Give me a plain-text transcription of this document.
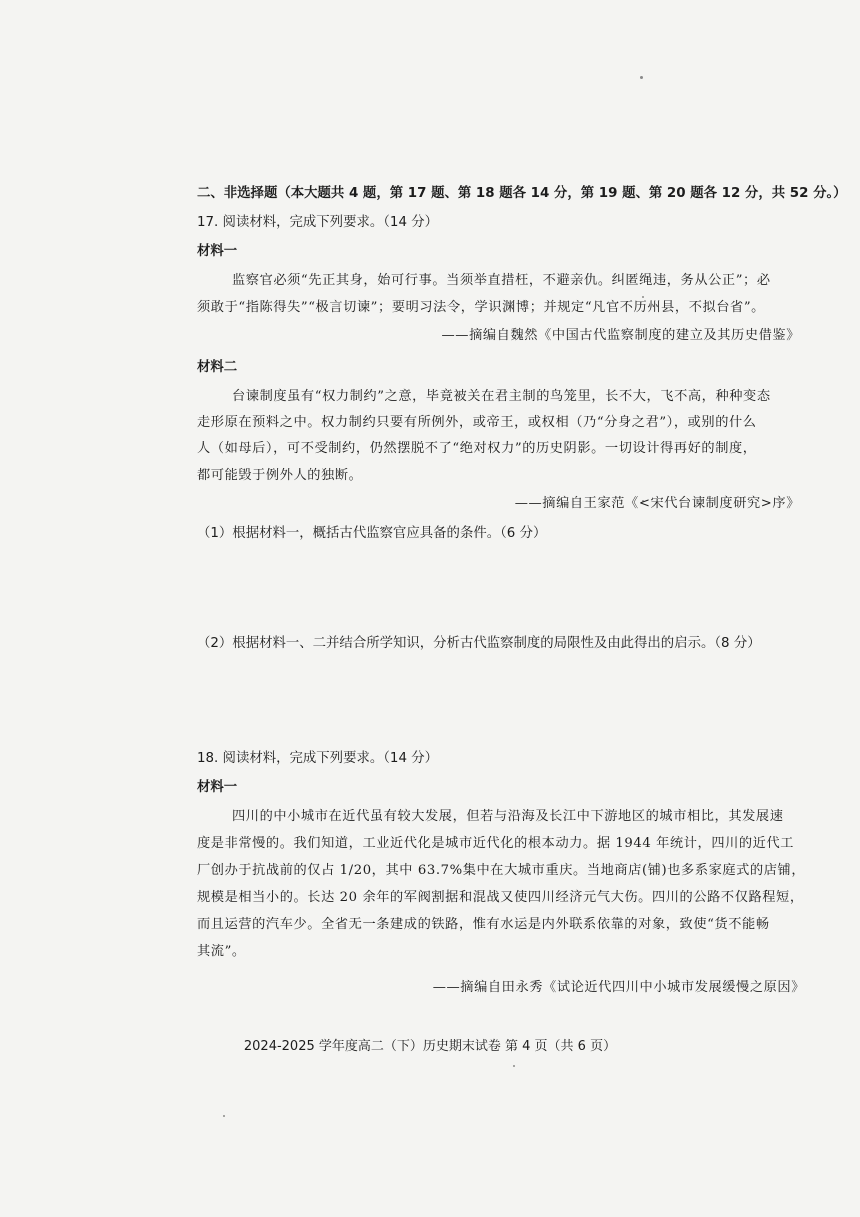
二、非选择题（本大题共 4 题，第 17 题、第 18 题各 14 分，第 19 题、第 20 题各 12 分，共 52 分。）
17. 阅读材料，完成下列要求。（14 分）
材料一
监察官必须“先正其身，始可行事。当须举直措枉，不避亲仇。纠匿绳违，务从公正”；必
须敢于“指陈得失”“极言切谏”；要明习法令，学识渊博；并规定“凡官不历州县，不拟台省”。
——摘编自魏然《中国古代监察制度的建立及其历史借鉴》
材料二
台谏制度虽有“权力制约”之意，毕竟被关在君主制的鸟笼里，长不大，飞不高，种种变态
走形原在预料之中。权力制约只要有所例外，或帝王，或权相（乃“分身之君”），或别的什么
人（如母后），可不受制约，仍然摆脱不了“绝对权力”的历史阴影。一切设计得再好的制度，
都可能毁于例外人的独断。
——摘编自王家范《<宋代台谏制度研究>序》
（1）根据材料一，概括古代监察官应具备的条件。（6 分）
（2）根据材料一、二并结合所学知识，分析古代监察制度的局限性及由此得出的启示。（8 分）
18. 阅读材料，完成下列要求。（14 分）
材料一
四川的中小城市在近代虽有较大发展，但若与沿海及长江中下游地区的城市相比，其发展速
度是非常慢的。我们知道，工业近代化是城市近代化的根本动力。据 1944 年统计，四川的近代工
厂创办于抗战前的仅占 1/20，其中 63.7%集中在大城市重庆。当地商店(铺)也多系家庭式的店铺，
规模是相当小的。长达 20 余年的军阀割据和混战又使四川经济元气大伤。四川的公路不仅路程短，
而且运营的汽车少。全省无一条建成的铁路，惟有水运是内外联系依靠的对象，致使“货不能畅
其流”。
——摘编自田永秀《试论近代四川中小城市发展缓慢之原因》
2024-2025 学年度高二（下）历史期末试卷 第 4 页（共 6 页）
